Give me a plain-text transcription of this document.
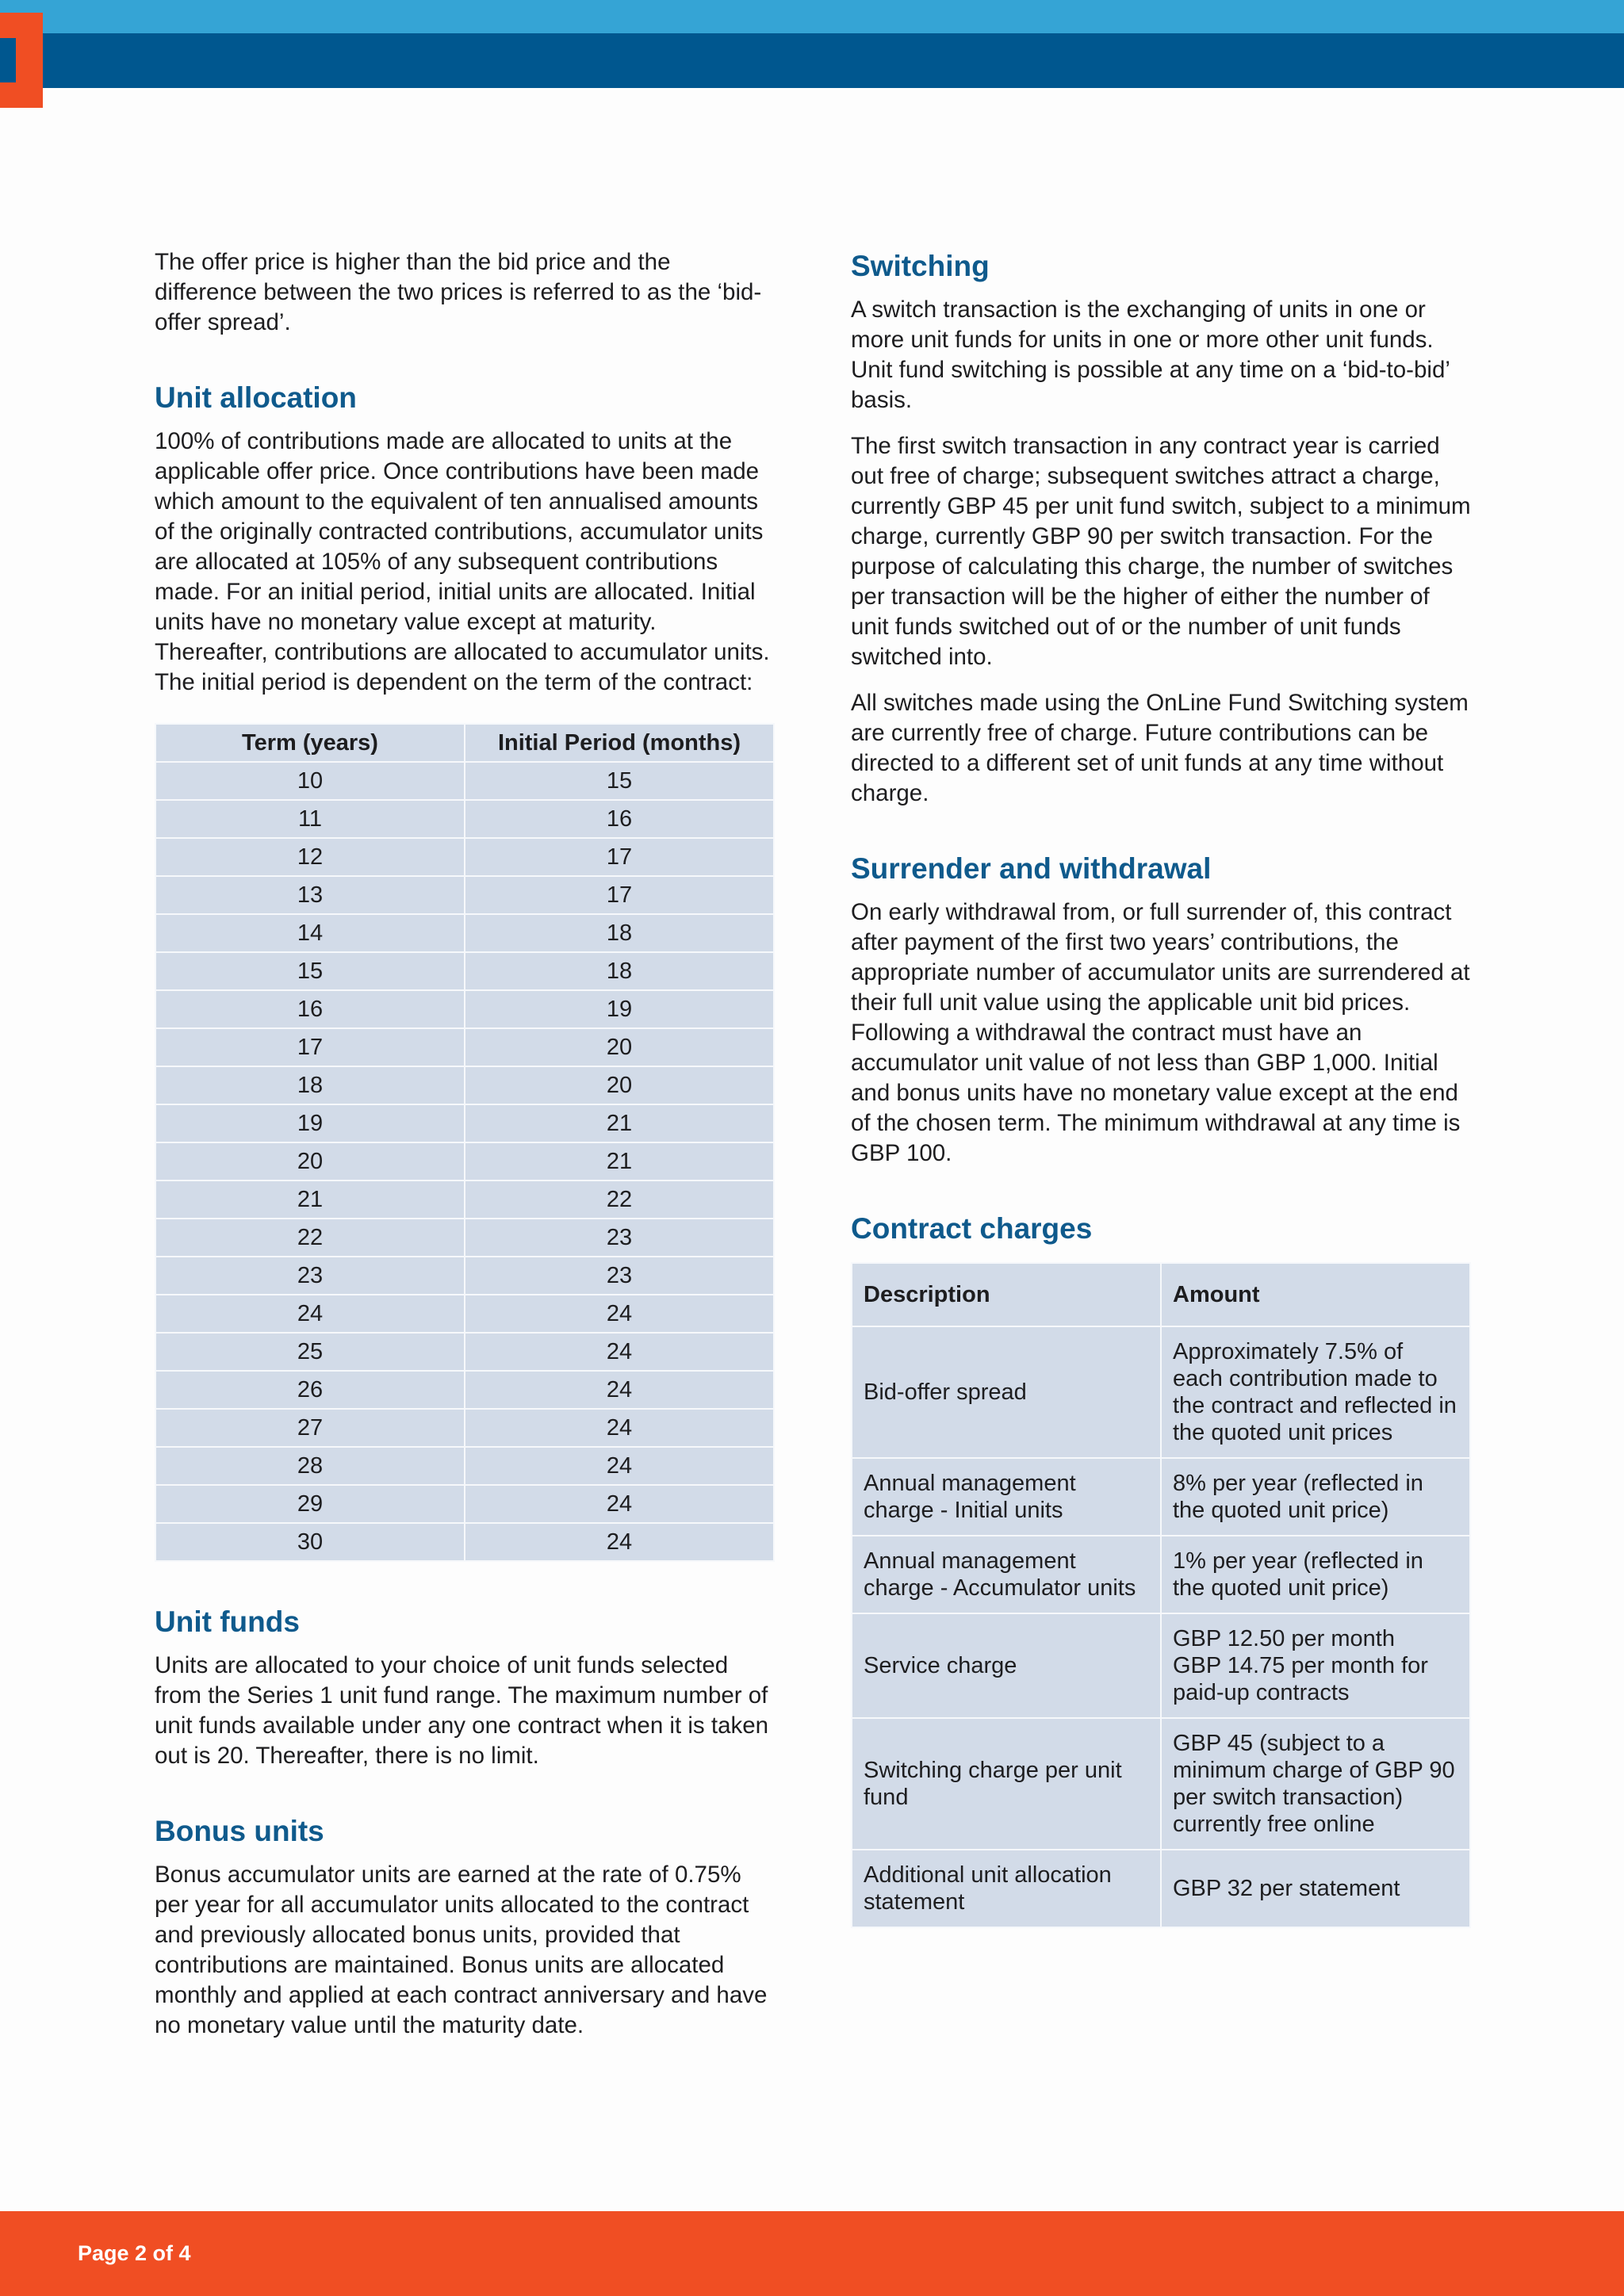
The offer price is higher than the bid price and the difference between the two prices is referred to as the ‘bid-offer spread’.

Unit allocation

100% of contributions made are allocated to units at the applicable offer price. Once contributions have been made which amount to the equivalent of ten annualised amounts of the originally contracted contributions, accumulator units are allocated at 105% of any subsequent contributions made. For an initial period, initial units are allocated. Initial units have no monetary value except at maturity. Thereafter, contributions are allocated to accumulator units. The initial period is dependent on the term of the contract:

Term (years)	Initial Period (months)
10	15
11	16
12	17
13	17
14	18
15	18
16	19
17	20
18	20
19	21
20	21
21	22
22	23
23	23
24	24
25	24
26	24
27	24
28	24
29	24
30	24
Unit funds

Units are allocated to your choice of unit funds selected from the Series 1 unit fund range. The maximum number of unit funds available under any one contract when it is taken out is 20. Thereafter, there is no limit.

Bonus units

Bonus accumulator units are earned at the rate of 0.75% per year for all accumulator units allocated to the contract and previously allocated bonus units, provided that contributions are maintained. Bonus units are allocated monthly and applied at each contract anniversary and have no monetary value until the maturity date.

Switching

A switch transaction is the exchanging of units in one or more unit funds for units in one or more other unit funds. Unit fund switching is possible at any time on a ‘bid-to-bid’ basis.

The first switch transaction in any contract year is carried out free of charge; subsequent switches attract a charge, currently GBP 45 per unit fund switch, subject to a minimum charge, currently GBP 90 per switch transaction. For the purpose of calculating this charge, the number of switches per transaction will be the higher of either the number of unit funds switched out of or the number of unit funds switched into.

All switches made using the OnLine Fund Switching system are currently free of charge. Future contributions can be directed to a different set of unit funds at any time without charge.

Surrender and withdrawal

On early withdrawal from, or full surrender of, this contract after payment of the first two years’ contributions, the appropriate number of accumulator units are surrendered at their full unit value using the applicable unit bid prices. Following a withdrawal the contract must have an accumulator unit value of not less than GBP 1,000. Initial and bonus units have no monetary value except at the end of the chosen term. The minimum withdrawal at any time is GBP 100.

Contract charges
Description	Amount
Bid-offer spread	Approximately 7.5% of each contribution made to the contract and reflected in the quoted unit prices

Annual management charge - Initial units	8% per year (reflected in the quoted unit price)

Annual management charge - Accumulator units	1% per year (reflected in the quoted unit price)

Service charge	GBP 12.50 per month
GBP 14.75 per month for paid-up contracts

Switching charge per unit fund	GBP 45 (subject to a minimum charge of GBP 90 per switch transaction)
currently free online

Additional unit allocation statement	GBP 32 per statement
Page 2 of 4
